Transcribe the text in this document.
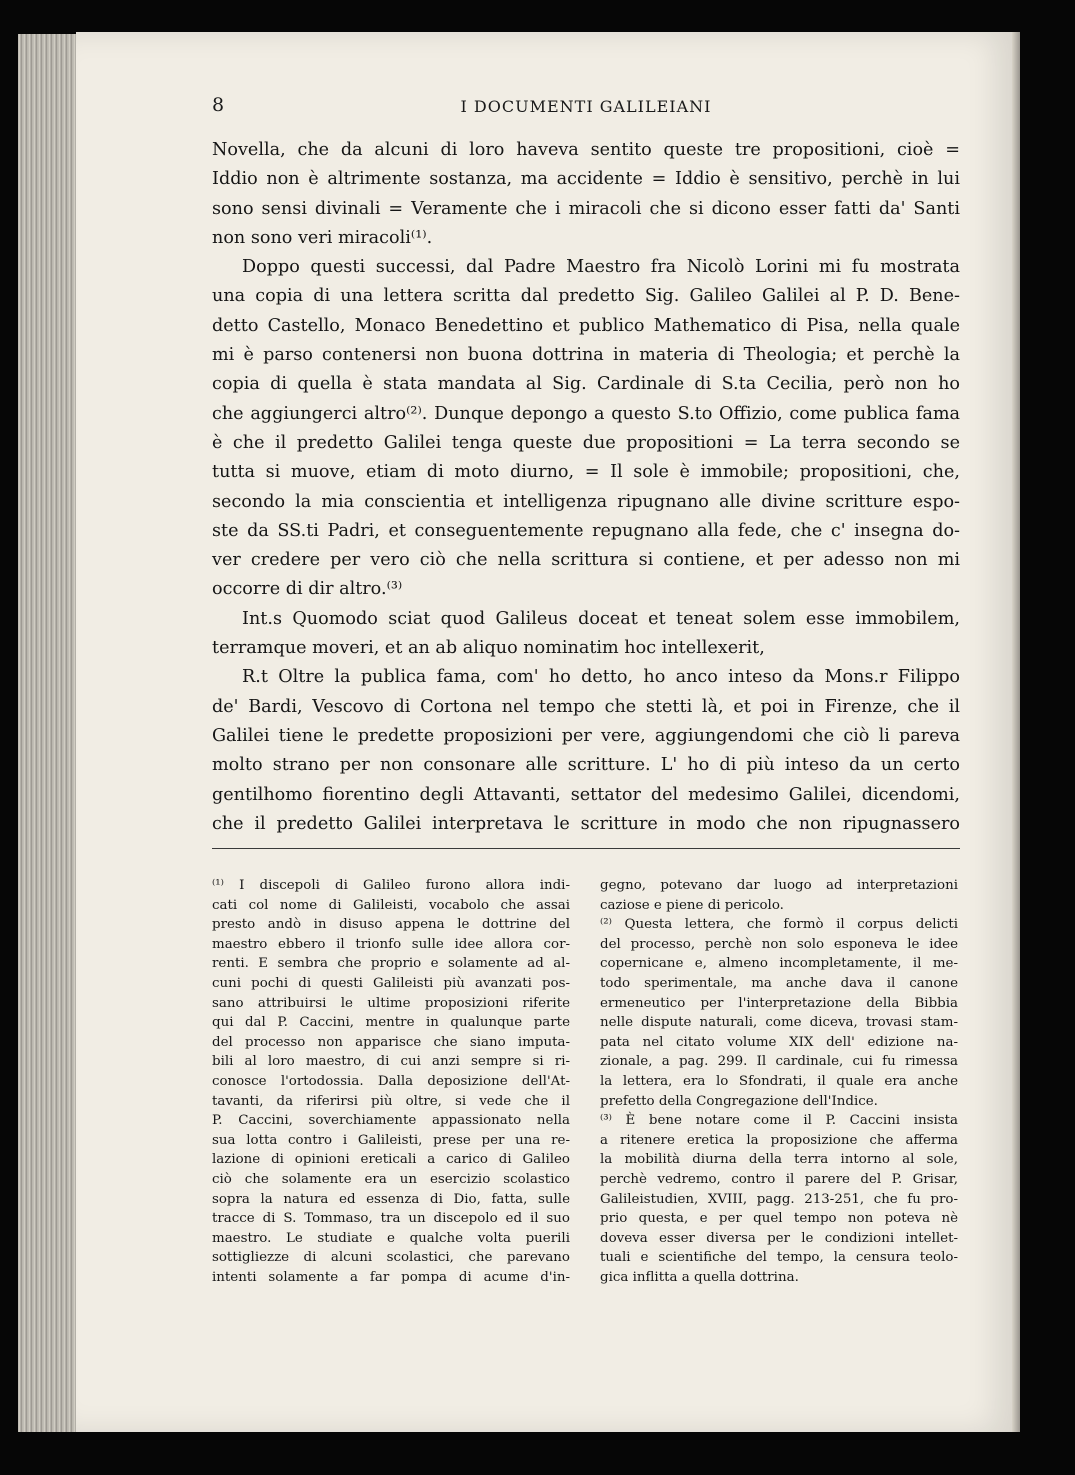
8	I DOCUMENTI GALILEIANI
Novella, che da alcuni di loro haveva sentito queste tre propositioni, cioè =
Iddio non è altrimente sostanza, ma accidente = Iddio è sensitivo, perchè in lui
sono sensi divinali = Veramente che i miracoli che si dicono esser fatti da' Santi
non sono veri miracoli⁽¹⁾.
Doppo questi successi, dal Padre Maestro fra Nicolò Lorini mi fu mostrata
una copia di una lettera scritta dal predetto Sig. Galileo Galilei al P. D. Bene-
detto Castello, Monaco Benedettino et publico Mathematico di Pisa, nella quale
mi è parso contenersi non buona dottrina in materia di Theologia; et perchè la
copia di quella è stata mandata al Sig. Cardinale di S.ta Cecilia, però non ho
che aggiungerci altro⁽²⁾. Dunque depongo a questo S.to Offizio, come publica fama
è che il predetto Galilei tenga queste due propositioni = La terra secondo se
tutta si muove, etiam di moto diurno, = Il sole è immobile; propositioni, che,
secondo la mia conscientia et intelligenza ripugnano alle divine scritture espo-
ste da SS.ti Padri, et conseguentemente repugnano alla fede, che c' insegna do-
ver credere per vero ciò che nella scrittura si contiene, et per adesso non mi
occorre di dir altro.⁽³⁾
Int.s Quomodo sciat quod Galileus doceat et teneat solem esse immobilem,
terramque moveri, et an ab aliquo nominatim hoc intellexerit,
R.t Oltre la publica fama, com' ho detto, ho anco inteso da Mons.r Filippo
de' Bardi, Vescovo di Cortona nel tempo che stetti là, et poi in Firenze, che il
Galilei tiene le predette proposizioni per vere, aggiungendomi che ciò li pareva
molto strano per non consonare alle scritture. L' ho di più inteso da un certo
gentilhomo fiorentino degli Attavanti, settator del medesimo Galilei, dicendomi,
che il predetto Galilei interpretava le scritture in modo che non ripugnassero
⁽¹⁾ I discepoli di Galileo furono allora indi-
cati col nome di Galileisti, vocabolo che assai
presto andò in disuso appena le dottrine del
maestro ebbero il trionfo sulle idee allora cor-
renti. E sembra che proprio e solamente ad al-
cuni pochi di questi Galileisti più avanzati pos-
sano attribuirsi le ultime proposizioni riferite
qui dal P. Caccini, mentre in qualunque parte
del processo non apparisce che siano imputa-
bili al loro maestro, di cui anzi sempre si ri-
conosce l'ortodossia. Dalla deposizione dell'At-
tavanti, da riferirsi più oltre, si vede che il
P. Caccini, soverchiamente appassionato nella
sua lotta contro i Galileisti, prese per una re-
lazione di opinioni ereticali a carico di Galileo
ciò che solamente era un esercizio scolastico
sopra la natura ed essenza di Dio, fatta, sulle
tracce di S. Tommaso, tra un discepolo ed il suo
maestro. Le studiate e qualche volta puerili
sottigliezze di alcuni scolastici, che parevano
intenti solamente a far pompa di acume d'in-
gegno, potevano dar luogo ad interpretazioni
caziose e piene di pericolo.
⁽²⁾ Questa lettera, che formò il corpus delicti
del processo, perchè non solo esponeva le idee
copernicane e, almeno incompletamente, il me-
todo sperimentale, ma anche dava il canone
ermeneutico per l'interpretazione della Bibbia
nelle dispute naturali, come diceva, trovasi stam-
pata nel citato volume XIX dell' edizione na-
zionale, a pag. 299. Il cardinale, cui fu rimessa
la lettera, era lo Sfondrati, il quale era anche
prefetto della Congregazione dell'Indice.
⁽³⁾ È bene notare come il P. Caccini insista
a ritenere eretica la proposizione che afferma
la mobilità diurna della terra intorno al sole,
perchè vedremo, contro il parere del P. Grisar,
Galileistudien, XVIII, pagg. 213-251, che fu pro-
prio questa, e per quel tempo non poteva nè
doveva esser diversa per le condizioni intellet-
tuali e scientifiche del tempo, la censura teolo-
gica inflitta a quella dottrina.
